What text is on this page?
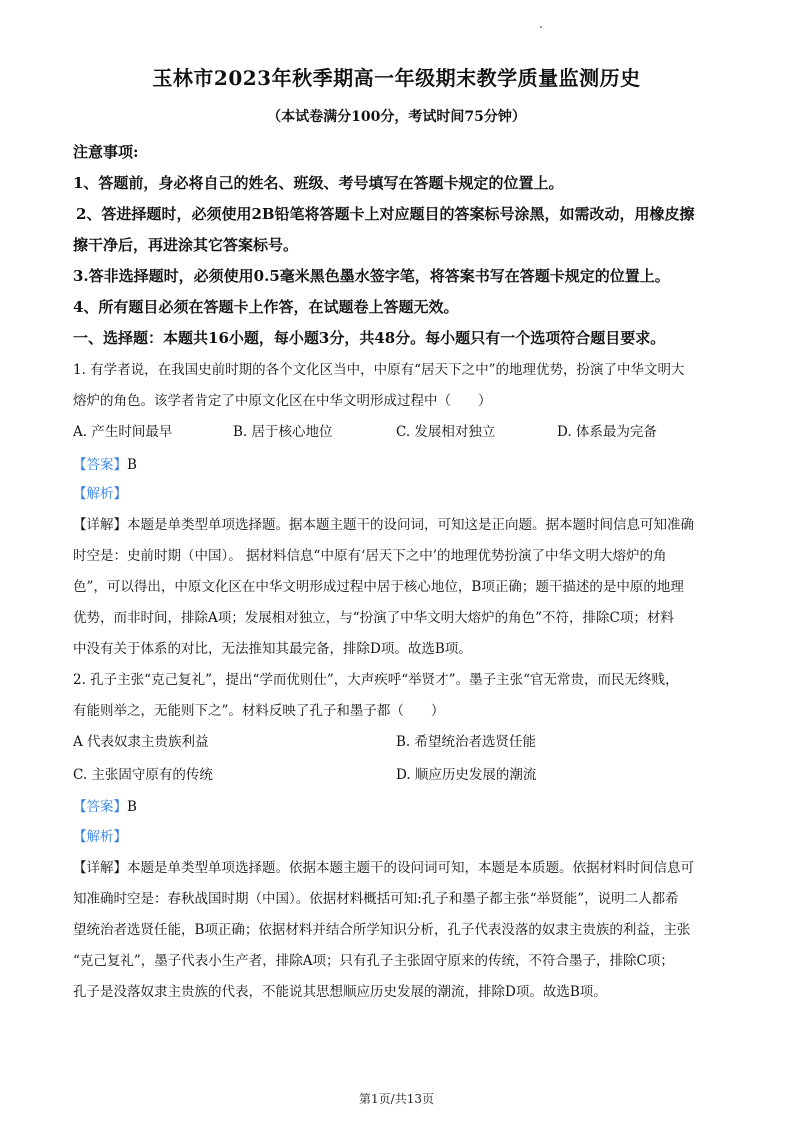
玉林市2023年秋季期高一年级期末教学质量监测历史
（本试卷满分100分，考试时间75分钟）
注意事项:
1、答题前，身必将自己的姓名、班级、考号填写在答题卡规定的位置上。
2、答进择题时，必须使用2B铅笔将答题卡上对应题目的答案标号涂黑，如需改动，用橡皮擦
擦干净后，再进涂其它答案标号。
3.答非选择题时，必须使用0.5毫米黑色墨水签字笔，将答案书写在答题卡规定的位置上。
4、所有题目必须在答题卡上作答，在试题卷上答题无效。
一、选择题：本题共16小题，每小题3分，共48分。每小题只有一个选项符合题目要求。
1. 有学者说，在我国史前时期的各个文化区当中，中原有“居天下之中”的地理优势，扮演了中华文明大
熔炉的角色。该学者肯定了中原文化区在中华文明形成过程中（　　）
A. 产生时间最早	B. 居于核心地位	C. 发展相对独立	D. 体系最为完备
【答案】B
【解析】
【详解】本题是单类型单项选择题。据本题主题干的设问词，可知这是正向题。据本题时间信息可知准确
时空是：史前时期（中国）。 据材料信息“中原有‘居天下之中’的地理优势扮演了中华文明大熔炉的角
色”，可以得出，中原文化区在中华文明形成过程中居于核心地位，B项正确；题干描述的是中原的地理
优势，而非时间，排除A项；发展相对独立，与“扮演了中华文明大熔炉的角色”不符，排除C项；材料
中没有关于体系的对比，无法推知其最完备，排除D项。故选B项。
2. 孔子主张“克己复礼”，提出“学而优则仕”，大声疾呼“举贤才”。墨子主张“官无常贵，而民无终贱，
有能则举之，无能则下之”。材料反映了孔子和墨子都（　　）
A 代表奴隶主贵族利益	B. 希望统治者选贤任能
C. 主张固守原有的传统	D. 顺应历史发展的潮流
【答案】B
【解析】
【详解】本题是单类型单项选择题。依据本题主题干的设问词可知，本题是本质题。依据材料时间信息可
知准确时空是：春秋战国时期（中国）。依据材料概括可知:孔子和墨子都主张“举贤能”，说明二人都希
望统治者选贤任能，B项正确；依据材料并结合所学知识分析，孔子代表没落的奴隶主贵族的利益，主张
“克己复礼”，墨子代表小生产者，排除A项；只有孔子主张固守原来的传统，不符合墨子，排除C项；
孔子是没落奴隶主贵族的代表，不能说其思想顺应历史发展的潮流，排除D项。故选B项。
第1页/共13页
